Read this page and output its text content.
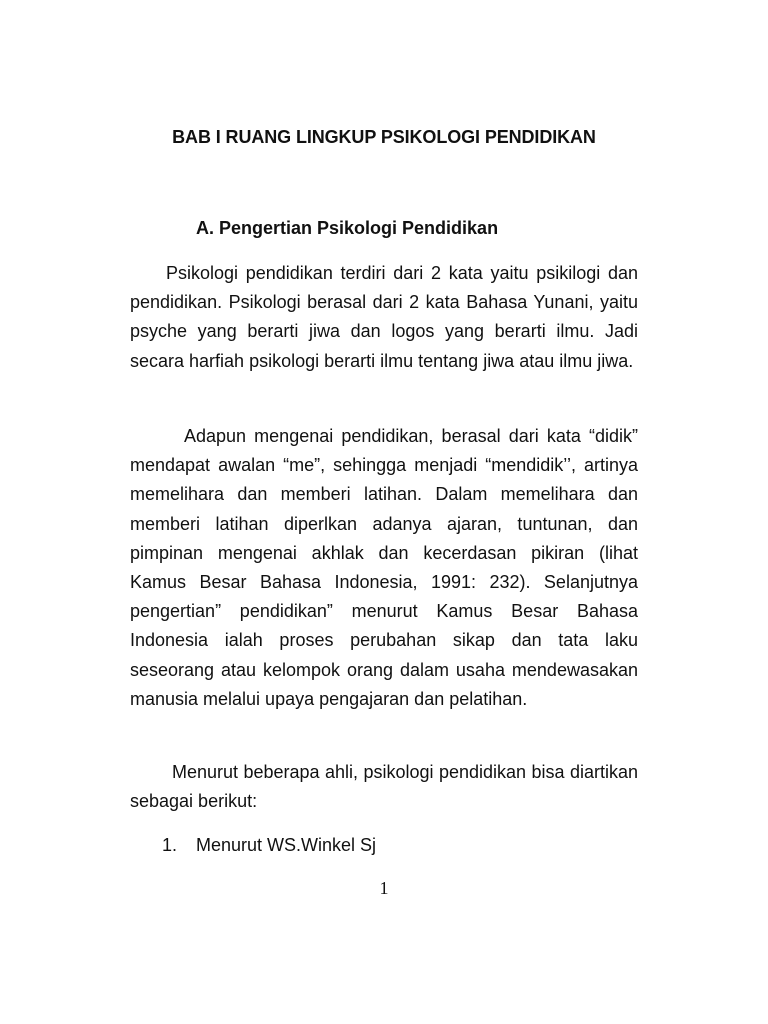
BAB I RUANG LINGKUP PSIKOLOGI PENDIDIKAN
A. Pengertian Psikologi Pendidikan

Psikologi pendidikan terdiri dari 2 kata yaitu psikilogi dan pendidikan. Psikologi berasal dari 2 kata Bahasa Yunani, yaitu psyche yang berarti jiwa dan logos yang berarti ilmu. Jadi secara harfiah psikologi berarti ilmu tentang jiwa atau ilmu jiwa.

Adapun mengenai pendidikan, berasal dari kata “didik” mendapat awalan “me”, sehingga menjadi “mendidik’’, artinya memelihara dan memberi latihan. Dalam memelihara dan memberi latihan diperlkan adanya ajaran, tuntunan, dan pimpinan mengenai akhlak dan kecerdasan pikiran (lihat Kamus Besar Bahasa Indonesia, 1991: 232). Selanjutnya pengertian” pendidikan” menurut Kamus Besar Bahasa Indonesia ialah proses perubahan sikap dan tata laku seseorang atau kelompok orang dalam usaha mendewasakan manusia melalui upaya pengajaran dan pelatihan.

Menurut beberapa ahli, psikologi pendidikan bisa diartikan sebagai berikut:

1. Menurut WS.Winkel Sj
1
